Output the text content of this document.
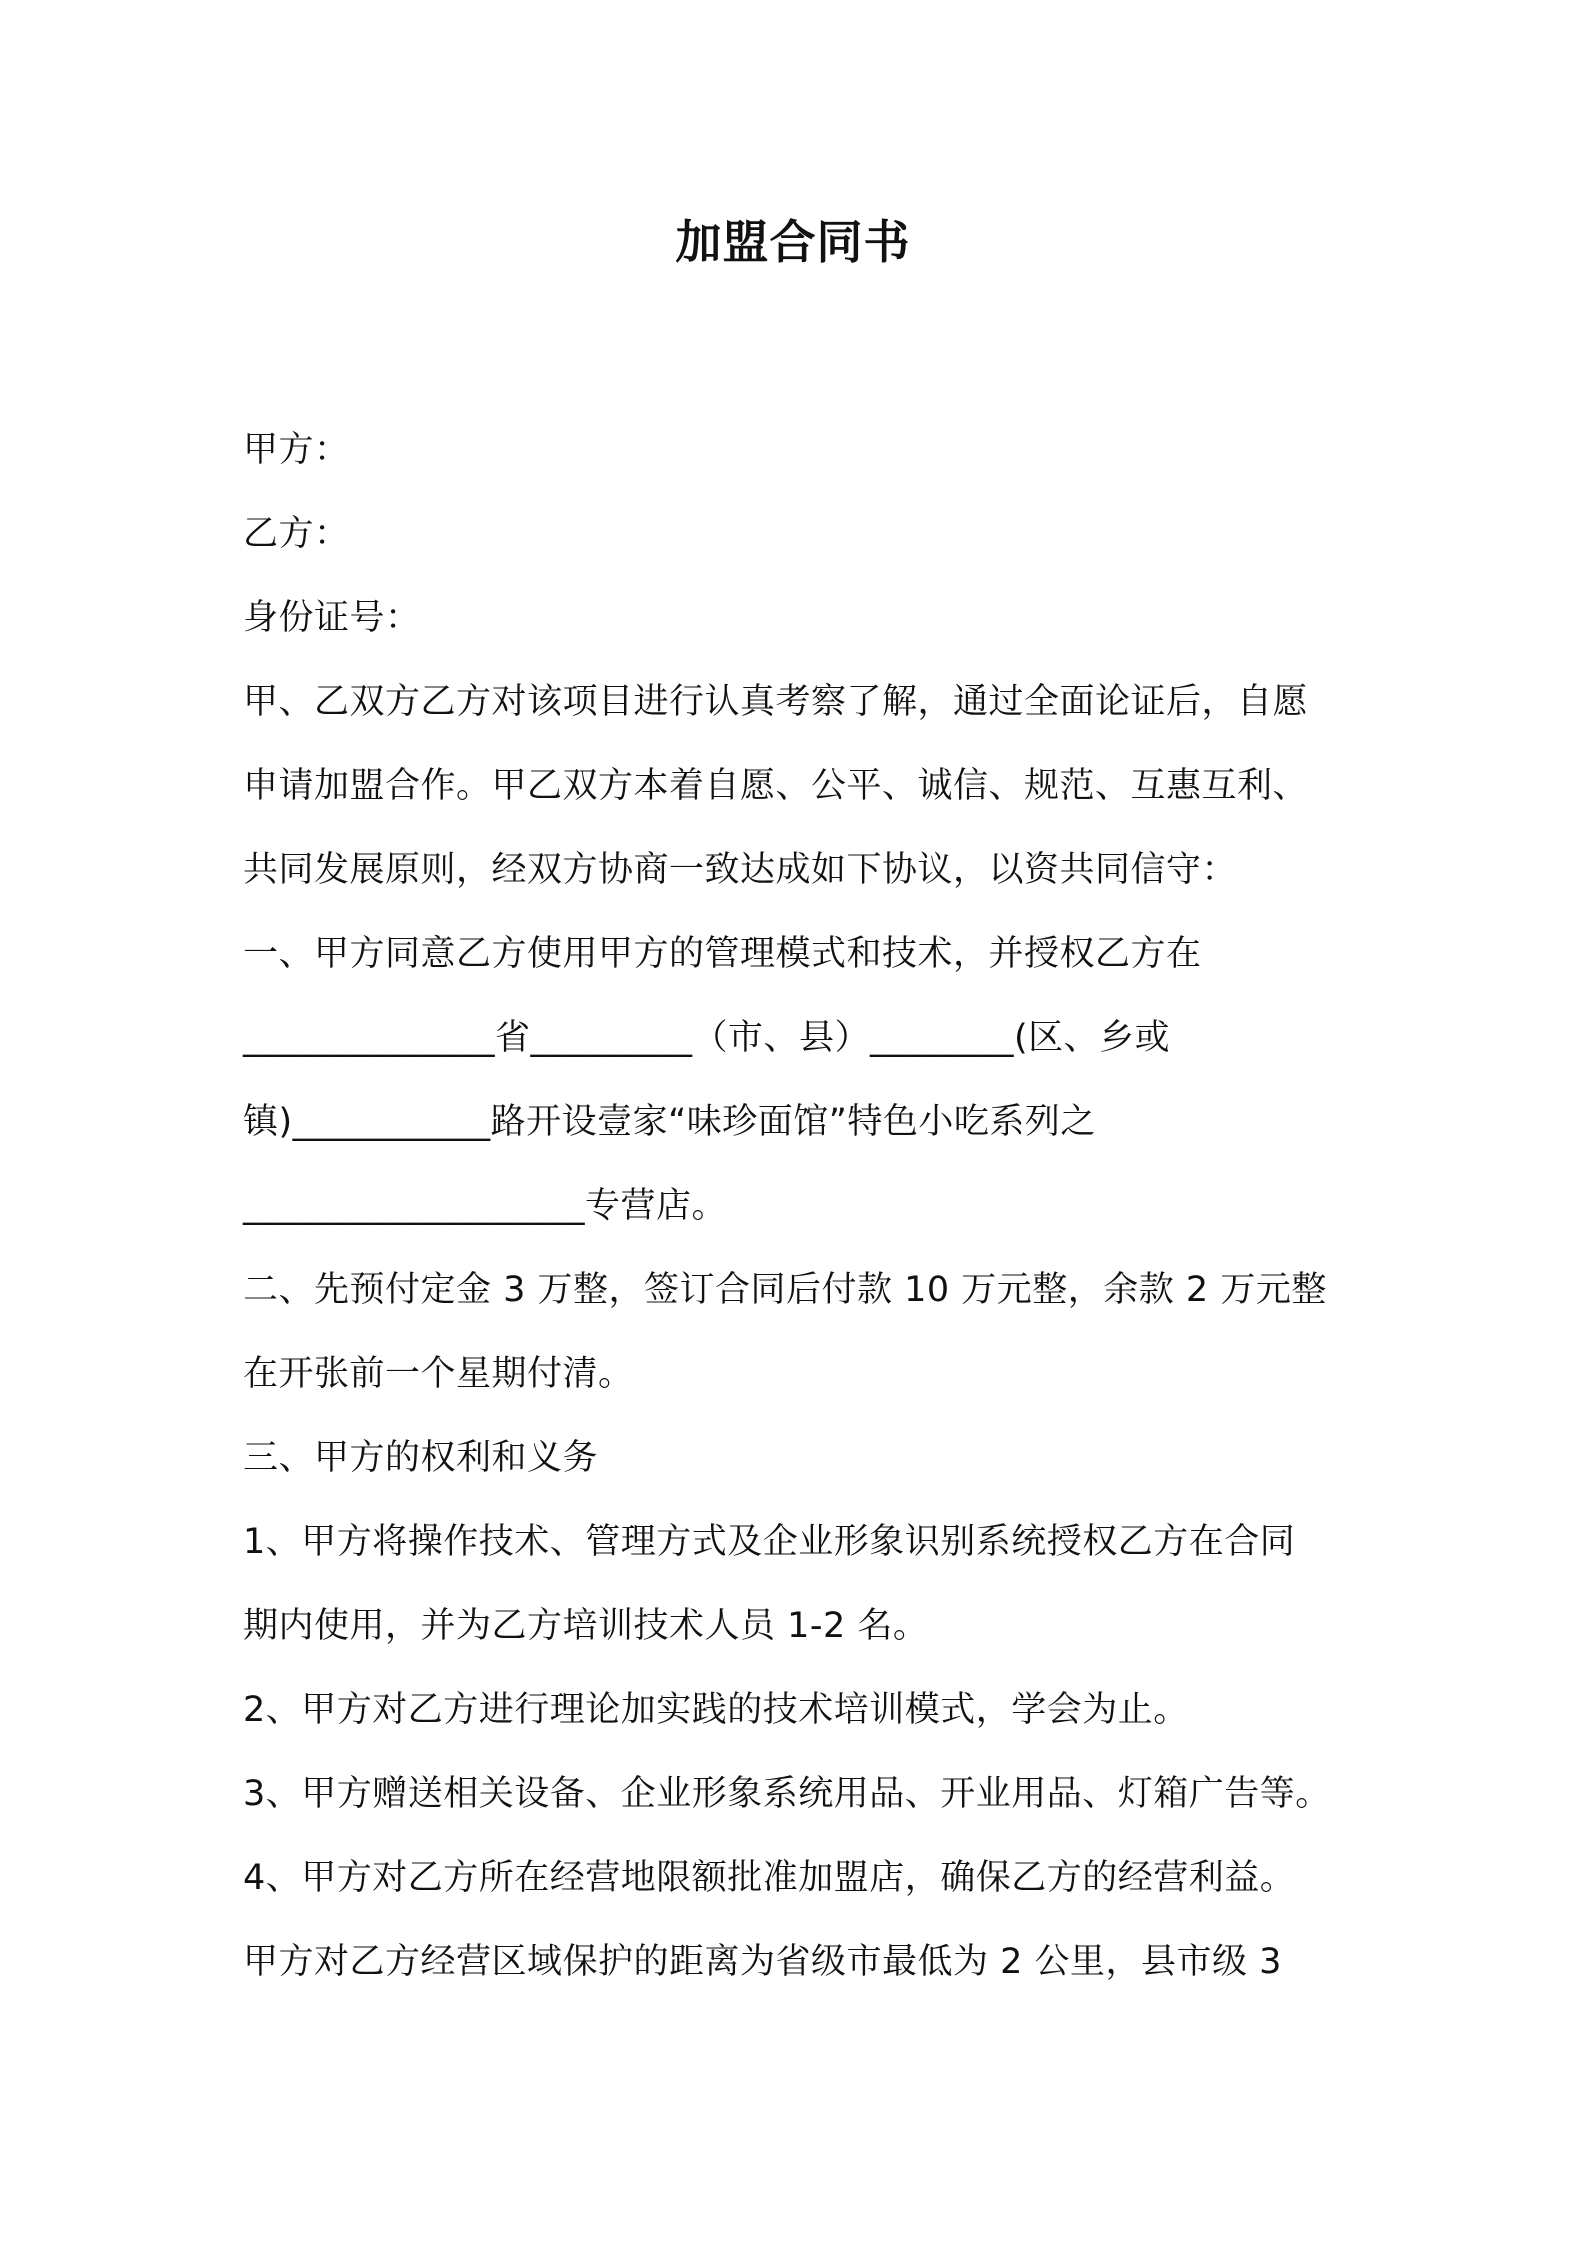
加盟合同书
甲方：
乙方：
身份证号：
甲、乙双方乙方对该项目进行认真考察了解，通过全面论证后，自愿
申请加盟合作。甲乙双方本着自愿、公平、诚信、规范、互惠互利、
共同发展原则，经双方协商一致达成如下协议，以资共同信守：
一、甲方同意乙方使用甲方的管理模式和技术，并授权乙方在
______________省_________（市、县）________(区、乡或
镇)___________路开设壹家“味珍面馆”特色小吃系列之
___________________专营店。
二、先预付定金 3 万整，签订合同后付款 10 万元整，余款 2 万元整
在开张前一个星期付清。
三、甲方的权利和义务
1、甲方将操作技术、管理方式及企业形象识别系统授权乙方在合同
期内使用，并为乙方培训技术人员 1-2 名。
2、甲方对乙方进行理论加实践的技术培训模式，学会为止。
3、甲方赠送相关设备、企业形象系统用品、开业用品、灯箱广告等。
4、甲方对乙方所在经营地限额批准加盟店，确保乙方的经营利益。
甲方对乙方经营区域保护的距离为省级市最低为 2 公里，县市级 3
